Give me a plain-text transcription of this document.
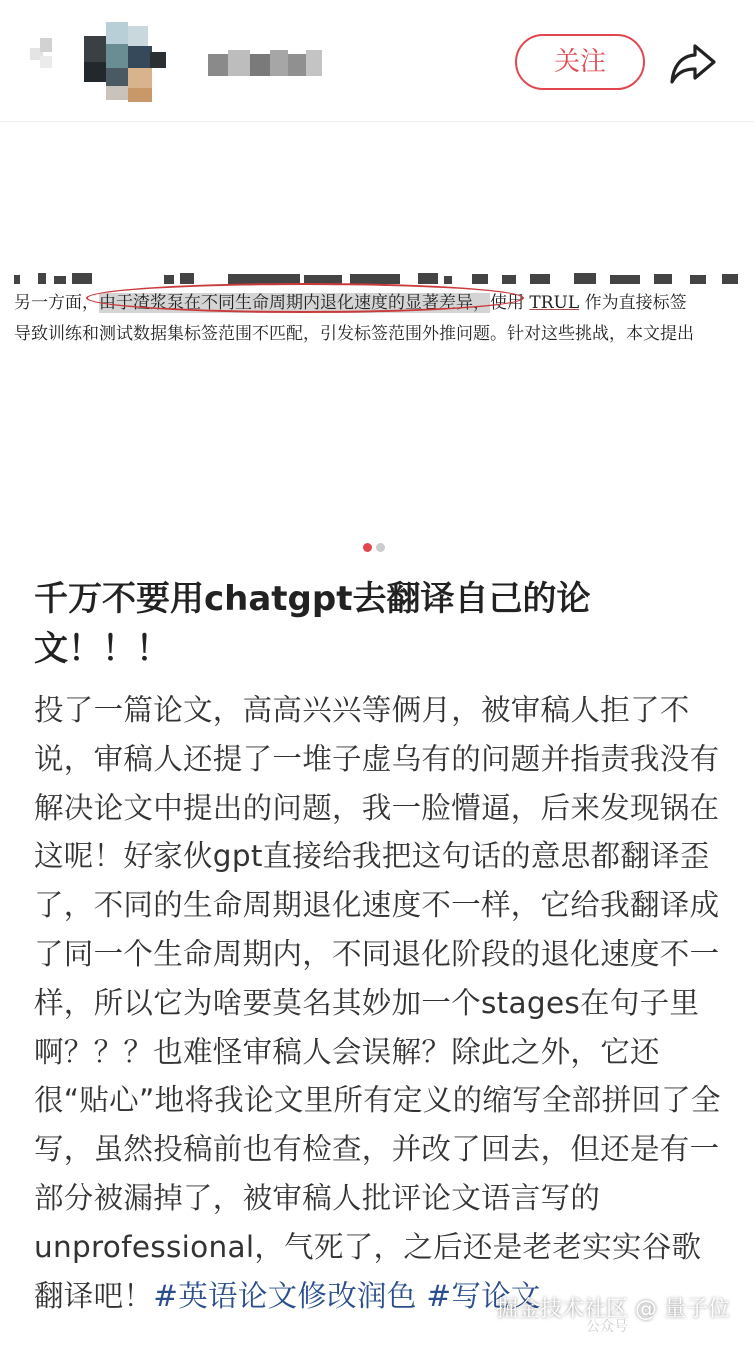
关注
另一方面，由于渣浆泵在不同生命周期内退化速度的显著差异，使用 TRUL 作为直接标签
导致训练和测试数据集标签范围不匹配，引发标签范围外推问题。针对这些挑战，本文提出
千万不要用chatgpt去翻译自己的论文！！！
投了一篇论文，高高兴兴等俩月，被审稿人拒了不说，审稿人还提了一堆子虚乌有的问题并指责我没有解决论文中提出的问题，我一脸懵逼，后来发现锅在这呢！好家伙gpt直接给我把这句话的意思都翻译歪了，不同的生命周期退化速度不一样，它给我翻译成了同一个生命周期内，不同退化阶段的退化速度不一样，所以它为啥要莫名其妙加一个stages在句子里啊？？？也难怪审稿人会误解？除此之外，它还很“贴心”地将我论文里所有定义的缩写全部拼回了全写，虽然投稿前也有检查，并改了回去，但还是有一部分被漏掉了，被审稿人批评论文语言写的unprofessional，气死了，之后还是老老实实谷歌翻译吧！#英语论文修改润色 #写论文
公众号
掘金技术社区 @ 量子位
